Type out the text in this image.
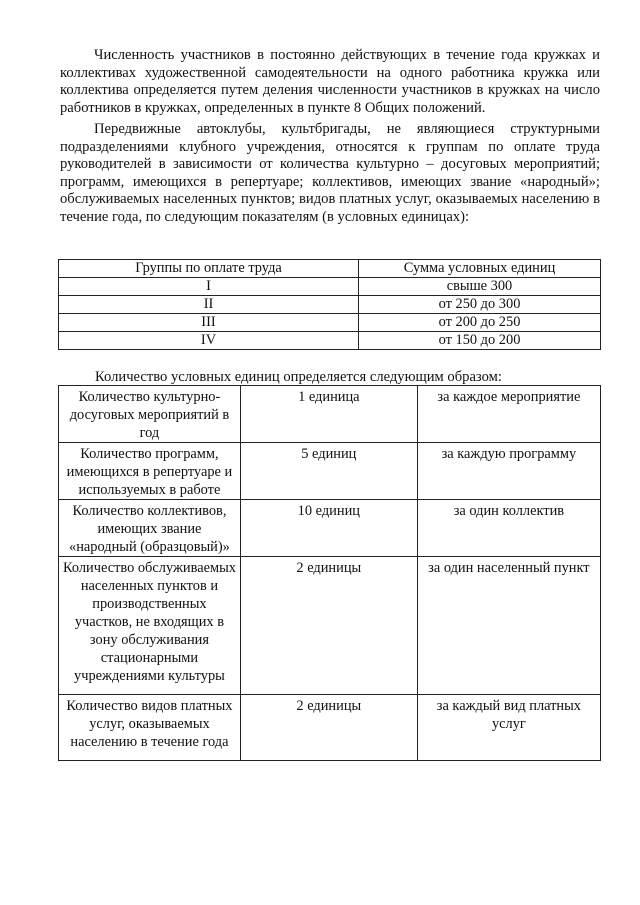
Численность участников в постоянно действующих в течение года кружках и коллективах художественной самодеятельности на одного работника кружка или коллектива определяется путем деления численности участников в кружках на число работников в кружках, определенных в пункте 8 Общих положений.

Передвижные автоклубы, культбригады, не являющиеся структурными подразделениями клубного учреждения, относятся к группам по оплате труда руководителей в зависимости от количества культурно – досуговых мероприятий; программ, имеющихся в репертуаре; коллективов, имеющих звание «народный»; обслуживаемых населенных пунктов; видов платных услуг, оказываемых населению в течение года, по следующим показателям (в условных единицах):

Группы по оплате труда	Сумма условных единиц
I	свыше 300
II	от 250 до 300
III	от 200 до 250
IV	от 150 до 200

Количество условных единиц определяется следующим образом:

Количество культурно-досуговых мероприятий в год	1 единица	за каждое мероприятие
Количество программ, имеющихся в репертуаре и используемых в работе	5 единиц	за каждую программу
Количество коллективов, имеющих звание «народный (образцовый)»	10 единиц	за один коллектив
Количество обслуживаемых населенных пунктов и производственных участков, не входящих в зону обслуживания стационарными учреждениями культуры	2 единицы	за один населенный пункт
Количество видов платных услуг, оказываемых населению в течение года	2 единицы	за каждый вид платных услуг
